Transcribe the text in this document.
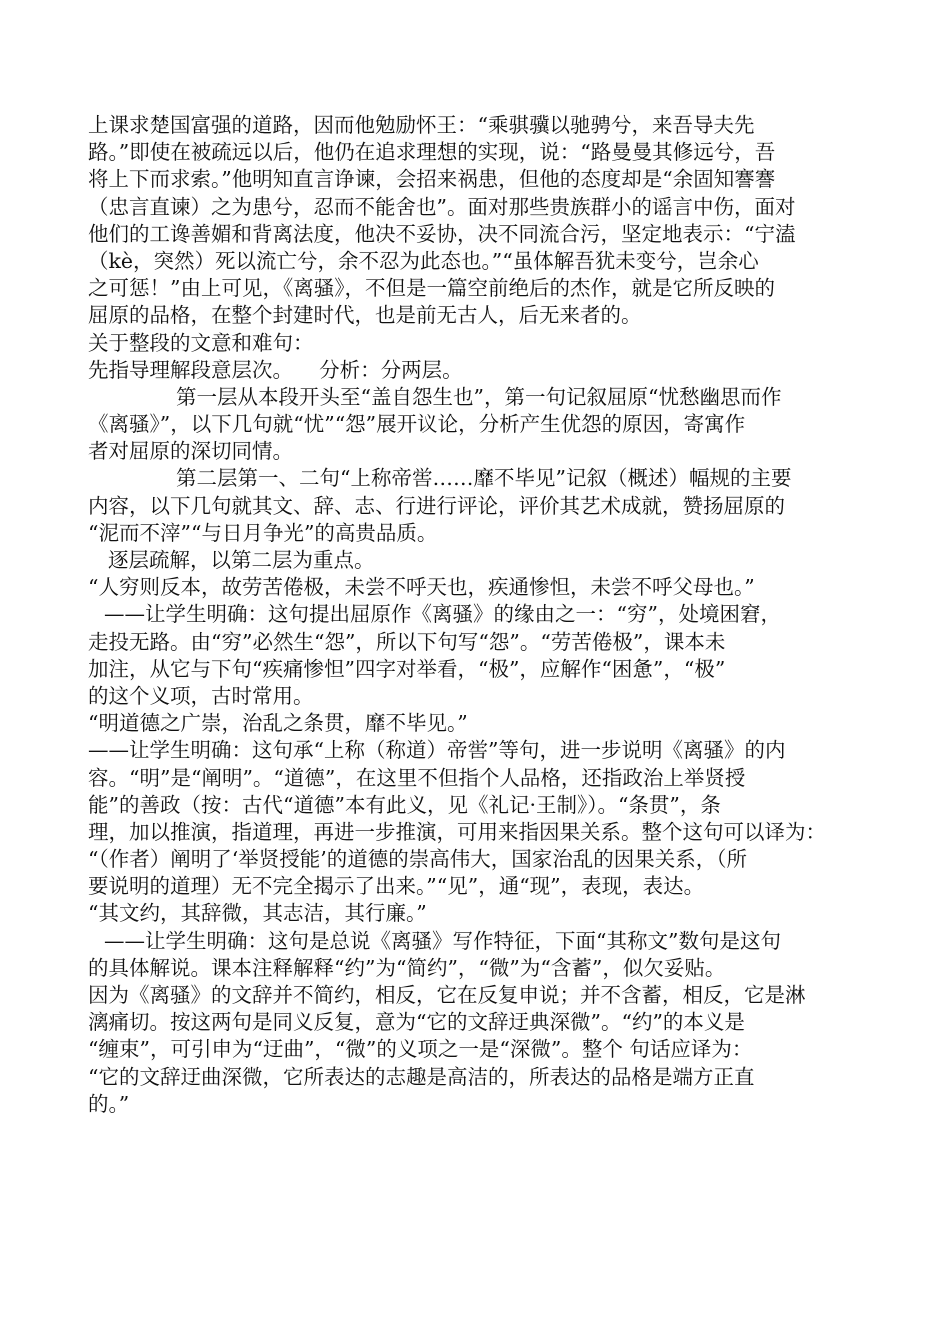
上课求楚国富强的道路，因而他勉励怀王：“乘骐骥以驰骋兮，来吾导夫先
路。”即使在被疏远以后，他仍在追求理想的实现，说：“路曼曼其修远兮，吾
将上下而求索。”他明知直言诤谏，会招来祸患，但他的态度却是“余固知謇謇
（忠言直谏）之为患兮，忍而不能舍也”。面对那些贵族群小的谣言中伤，面对
他们的工谗善媚和背离法度，他决不妥协，决不同流合污，坚定地表示：“宁溘
（kè，突然）死以流亡兮，余不忍为此态也。”“虽体解吾犹未变兮，岂余心
之可惩！”由上可见，《离骚》，不但是一篇空前绝后的杰作，就是它所反映的
屈原的品格，在整个封建时代，也是前无古人，后无来者的。
关于整段的文意和难句：
先指导理解段意层次。    分析：分两层。
第一层从本段开头至“盖自怨生也”，第一句记叙屈原“忧愁幽思而作
《离骚》”，以下几句就“忧”“怨”展开议论，分析产生优怨的原因，寄寓作
者对屈原的深切同情。
第二层第一、二句“上称帝喾……靡不毕见”记叙（概述）幅规的主要
内容，以下几句就其文、辞、志、行进行评论，评价其艺术成就，赞扬屈原的
“泥而不滓”“与日月争光”的高贵品质。
逐层疏解，以第二层为重点。
“人穷则反本，故劳苦倦极，未尝不呼天也，疾通惨怛，未尝不呼父母也。”
——让学生明确：这句提出屈原作《离骚》的缘由之一：“穷”，处境困窘，
走投无路。由“穷”必然生“怨”，所以下句写“怨”。“劳苦倦极”，课本未
加注，从它与下句“疾痛惨怛”四字对举看，“极”，应解作“困惫”，“极”
的这个义项，古时常用。
“明道德之广崇，治乱之条贯，靡不毕见。”
——让学生明确：这句承“上称（称道）帝喾”等句，进一步说明《离骚》的内
容。“明”是“阐明”。“道德”，在这里不但指个人品格，还指政治上举贤授
能”的善政（按：古代“道德”本有此义，见《礼记·王制》）。“条贯”，条
理，加以推演，指道理，再进一步推演，可用来指因果关系。整个这句可以译为：
“（作者）阐明了‘举贤授能’的道德的崇高伟大，国家治乱的因果关系，（所
要说明的道理）无不完全揭示了出来。”“见”，通“现”，表现，表达。
“其文约，其辞微，其志洁，其行廉。”
——让学生明确：这句是总说《离骚》写作特征，下面“其称文”数句是这句
的具体解说。课本注释解释“约”为“简约”，“微”为“含蓄”，似欠妥贴。
因为《离骚》的文辞并不简约，相反，它在反复申说；并不含蓄，相反，它是淋
漓痛切。按这两句是同义反复，意为“它的文辞迂典深微”。“约”的本义是
“缠束”，可引申为“迂曲”，“微”的义项之一是“深微”。整个 句话应译为：
“它的文辞迂曲深微，它所表达的志趣是高洁的，所表达的品格是端方正直
的。”
